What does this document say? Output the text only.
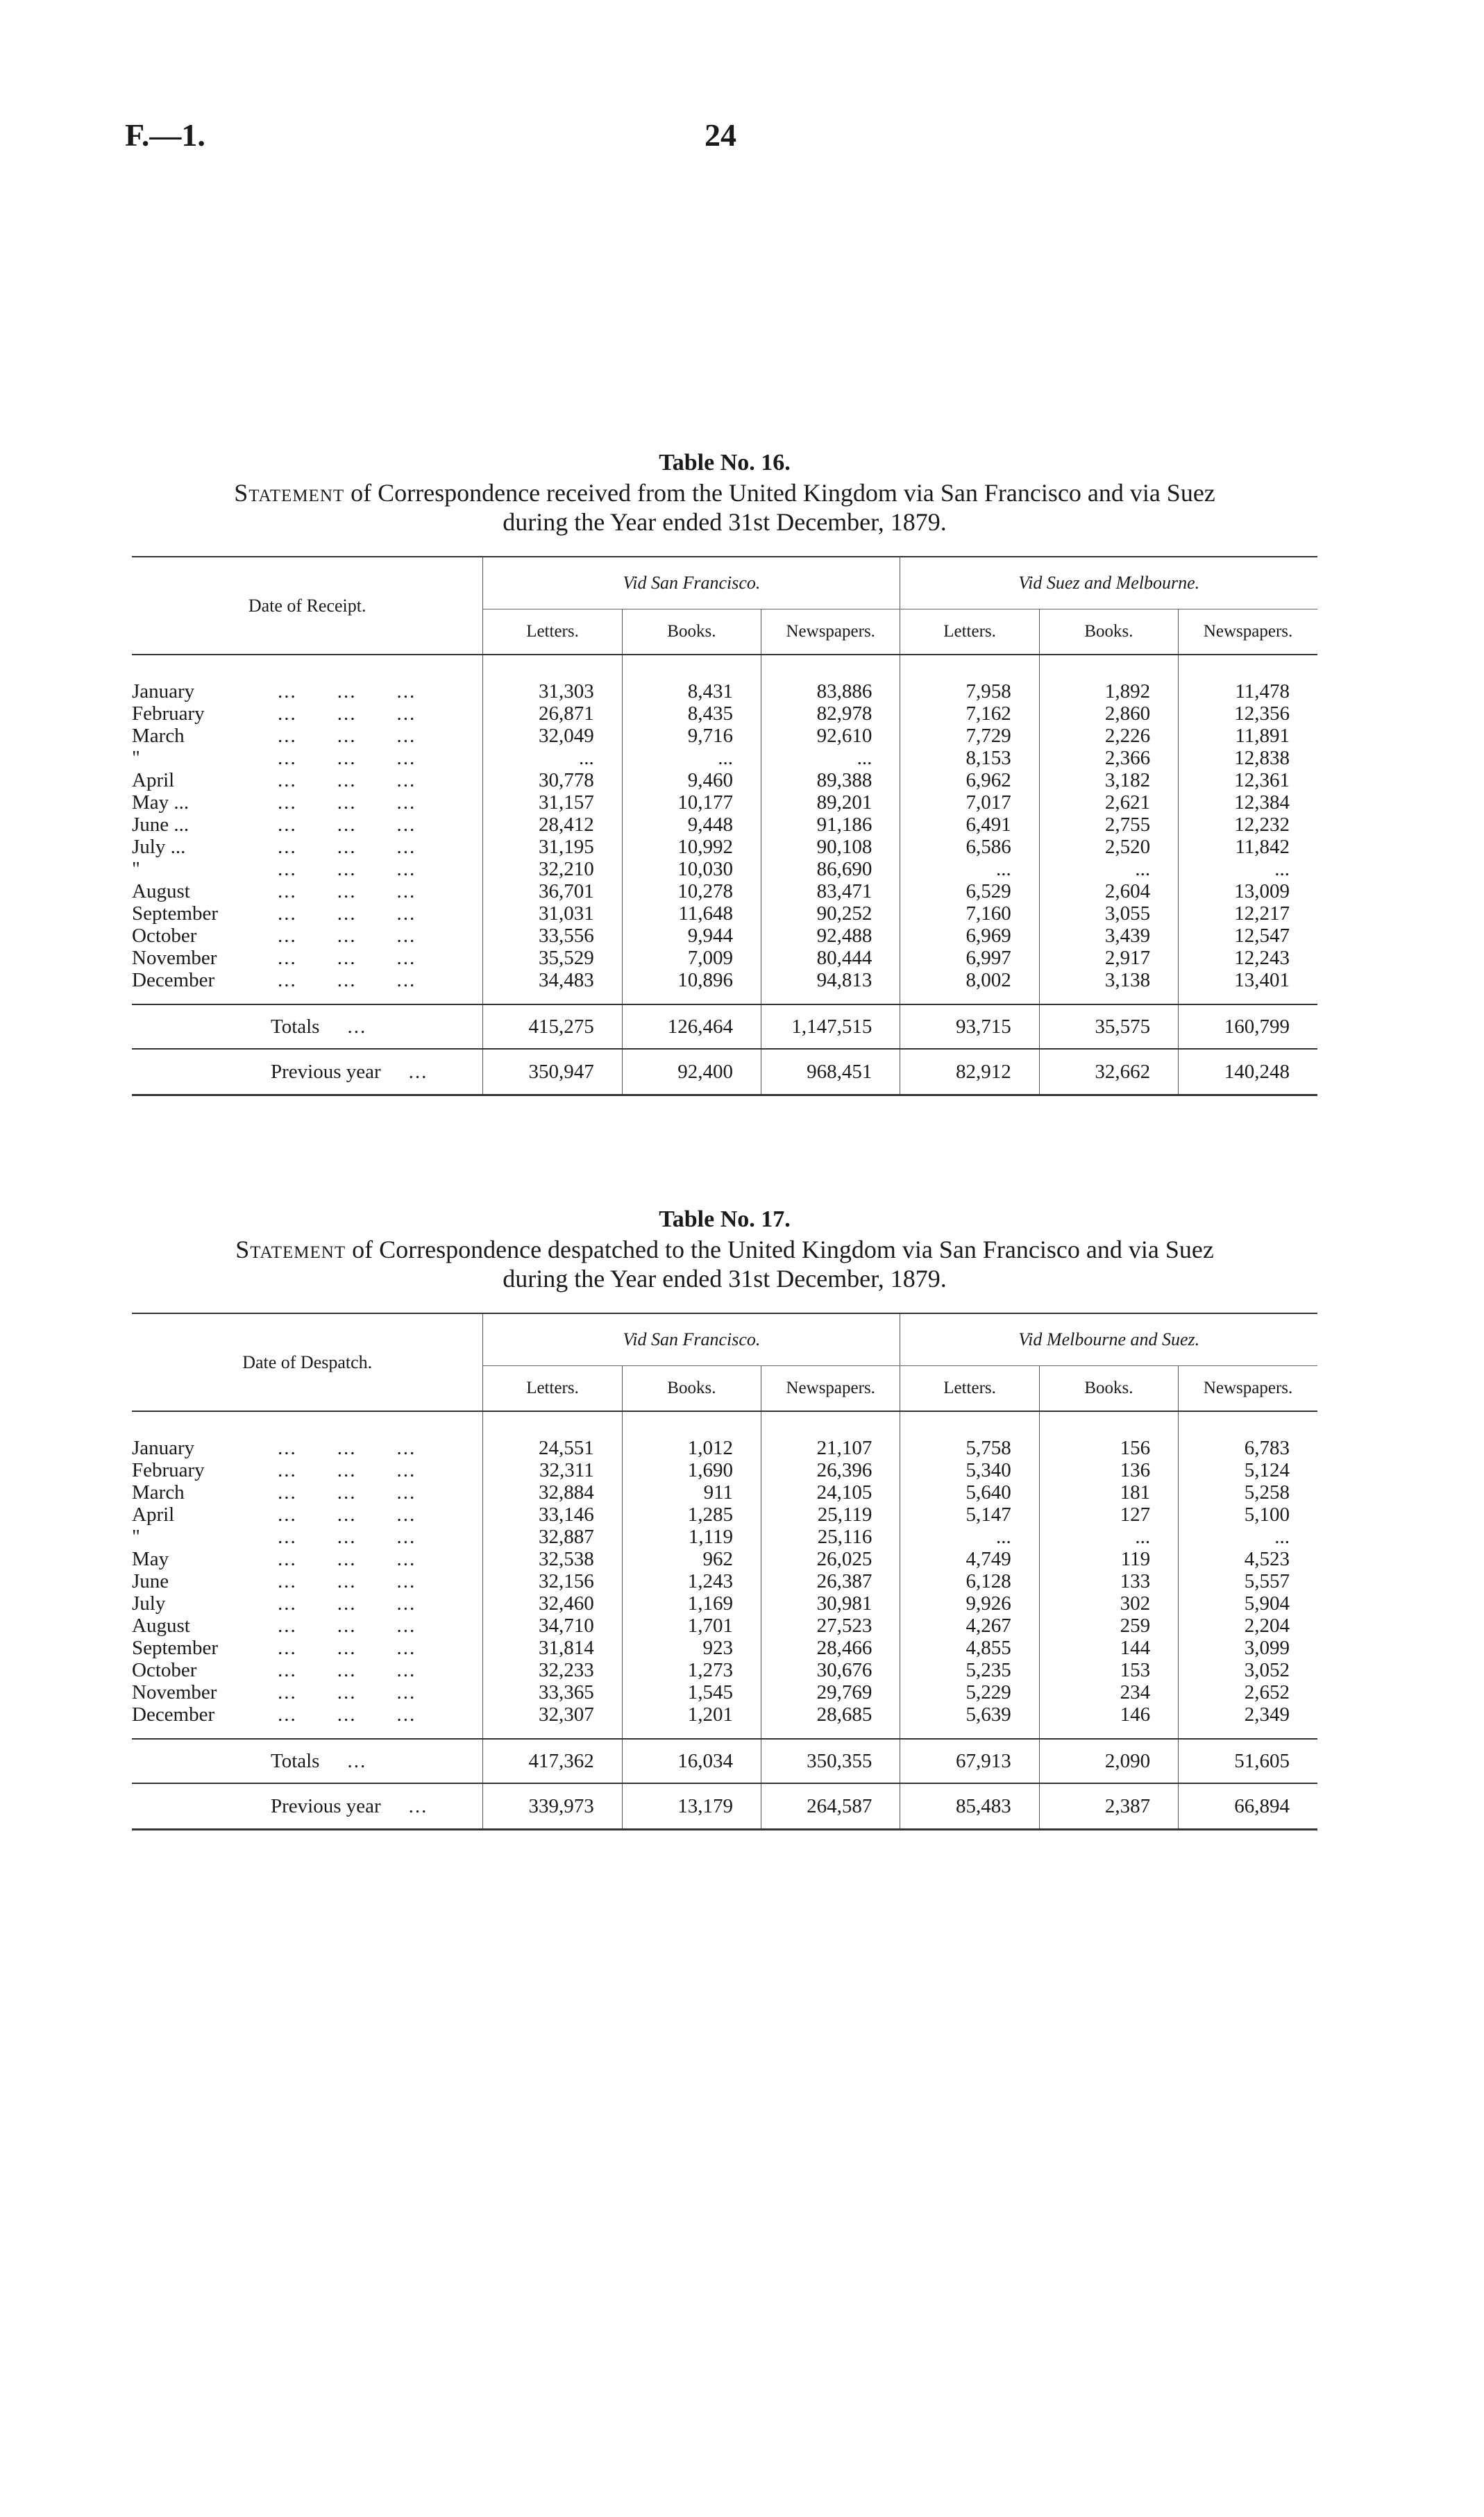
F.—1.	24
Table No. 16.
Statement of Correspondence received from the United Kingdom via San Francisco and via Suez
during the Year ended 31st December, 1879.
Date of Receipt.	Vid San Francisco.			Vid Suez and Melbourne.		
	Letters.	Books.	Newspapers.	Letters.	Books.	Newspapers.
January ... ... ...	31,303	8,431	83,886	7,958	1,892	11,478
February ... ... ...	26,871	8,435	82,978	7,162	2,860	12,356
March ... ... ...	32,049	9,716	92,610	7,729	2,226	11,891
" ... ... ...	...	...	...	8,153	2,366	12,838
April ... ... ...	30,778	9,460	89,388	6,962	3,182	12,361
May ... ... ... ...	31,157	10,177	89,201	7,017	2,621	12,384
June ... ... ... ...	28,412	9,448	91,186	6,491	2,755	12,232
July ... ... ... ...	31,195	10,992	90,108	6,586	2,520	11,842
" ... ... ...	32,210	10,030	86,690	...	...	...
August ... ... ...	36,701	10,278	83,471	6,529	2,604	13,009
September ... ... ...	31,031	11,648	90,252	7,160	3,055	12,217
October ... ... ...	33,556	9,944	92,488	6,969	3,439	12,547
November ... ... ...	35,529	7,009	80,444	6,997	2,917	12,243
December ... ... ...	34,483	10,896	94,813	8,002	3,138	13,401
Totals ...	415,275	126,464	1,147,515	93,715	35,575	160,799
Previous year ...	350,947	92,400	968,451	82,912	32,662	140,248
Table No. 17.
Statement of Correspondence despatched to the United Kingdom via San Francisco and via Suez
during the Year ended 31st December, 1879.
Date of Despatch.	Vid San Francisco.			Vid Melbourne and Suez.		
	Letters.	Books.	Newspapers.	Letters.	Books.	Newspapers.
January ... ... ...	24,551	1,012	21,107	5,758	156	6,783
February ... ... ...	32,311	1,690	26,396	5,340	136	5,124
March ... ... ...	32,884	911	24,105	5,640	181	5,258
April ... ... ...	33,146	1,285	25,119	5,147	127	5,100
" ... ... ...	32,887	1,119	25,116	...	...	...
May ... ... ...	32,538	962	26,025	4,749	119	4,523
June ... ... ...	32,156	1,243	26,387	6,128	133	5,557
July ... ... ...	32,460	1,169	30,981	9,926	302	5,904
August ... ... ...	34,710	1,701	27,523	4,267	259	2,204
September ... ... ...	31,814	923	28,466	4,855	144	3,099
October ... ... ...	32,233	1,273	30,676	5,235	153	3,052
November ... ... ...	33,365	1,545	29,769	5,229	234	2,652
December ... ... ...	32,307	1,201	28,685	5,639	146	2,349
Totals ...	417,362	16,034	350,355	67,913	2,090	51,605
Previous year ...	339,973	13,179	264,587	85,483	2,387	66,894
